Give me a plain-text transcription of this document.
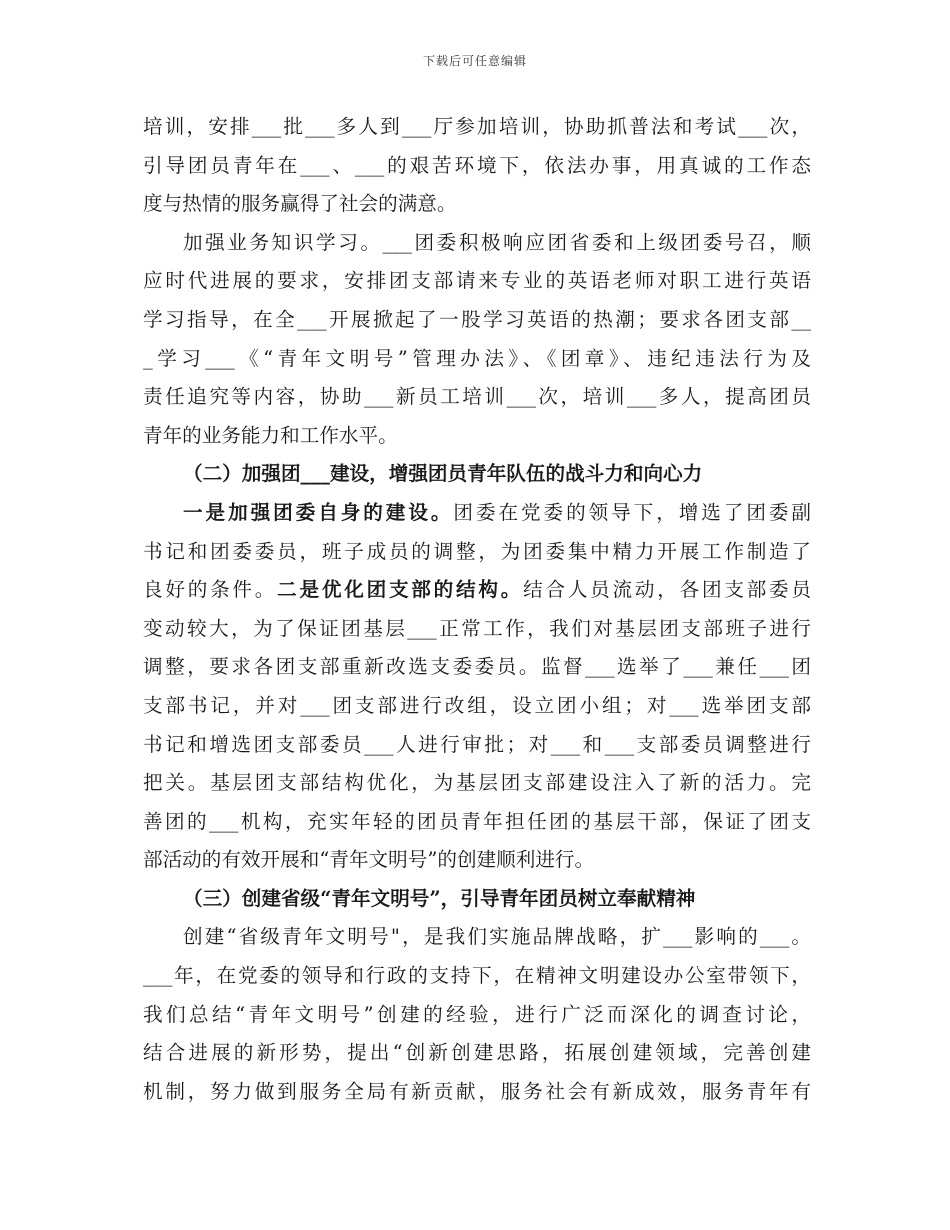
下载后可任意编辑
培训，安排___批___多人到___厅参加培训，协助抓普法和考试___次，
引导团员青年在___、___的艰苦环境下，依法办事，用真诚的工作态
度与热情的服务赢得了社会的满意。
加强业务知识学习。___团委积极响应团省委和上级团委号召，顺
应时代进展的要求，安排团支部请来专业的英语老师对职工进行英语
学习指导，在全___开展掀起了一股学习英语的热潮；要求各团支部__
_学习___《“青年文明号”管理办法》、《团章》、违纪违法行为及
责任追究等内容，协助___新员工培训___次，培训___多人，提高团员
青年的业务能力和工作水平。
（二）加强团___建设，增强团员青年队伍的战斗力和向心力
一是加强团委自身的建设。团委在党委的领导下，增选了团委副
书记和团委委员，班子成员的调整，为团委集中精力开展工作制造了
良好的条件。二是优化团支部的结构。结合人员流动，各团支部委员
变动较大，为了保证团基层___正常工作，我们对基层团支部班子进行
调整，要求各团支部重新改选支委委员。监督___选举了___兼任___团
支部书记，并对___团支部进行改组，设立团小组；对___选举团支部
书记和增选团支部委员___人进行审批；对___和___支部委员调整进行
把关。基层团支部结构优化，为基层团支部建设注入了新的活力。完
善团的___机构，充实年轻的团员青年担任团的基层干部，保证了团支
部活动的有效开展和“青年文明号”的创建顺利进行。
（三）创建省级“青年文明号”，引导青年团员树立奉献精神
创建“省级青年文明号"，是我们实施品牌战略，扩___影响的___。
___年，在党委的领导和行政的支持下，在精神文明建设办公室带领下，
我们总结“青年文明号”创建的经验，进行广泛而深化的调查讨论，
结合进展的新形势，提出“创新创建思路，拓展创建领域，完善创建
机制，努力做到服务全局有新贡献，服务社会有新成效，服务青年有
